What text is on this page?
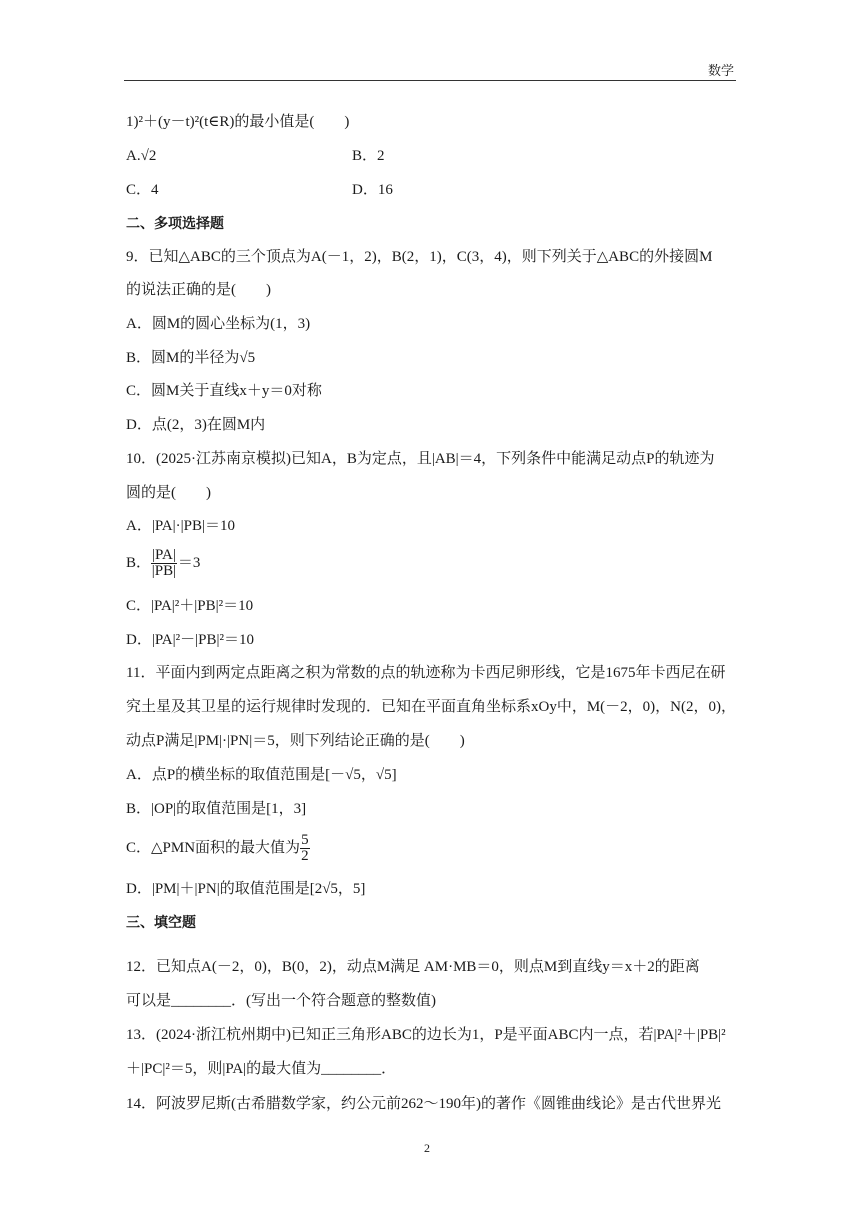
数学
1)²＋(y－t)²(t∈R)的最小值是(　　)
A.√2	B．2
C．4	D．16
二、多项选择题
9．已知△ABC的三个顶点为A(－1，2)，B(2，1)，C(3，4)，则下列关于△ABC的外接圆M
的说法正确的是(　　)
A．圆M的圆心坐标为(1，3)
B．圆M的半径为√5
C．圆M关于直线x＋y＝0对称
D．点(2，3)在圆M内
10．(2025·江苏南京模拟)已知A，B为定点，且|AB|＝4，下列条件中能满足动点P的轨迹为
圆的是(　　)
A．|PA|·|PB|＝10
B． $\frac{|PA|}{|PB|} =3$
C．|PA|²＋|PB|²＝10
D．|PA|²－|PB|²＝10
11．平面内到两定点距离之积为常数的点的轨迹称为卡西尼卵形线，它是1675年卡西尼在研
究土星及其卫星的运行规律时发现的．已知在平面直角坐标系xOy中，M(－2，0)，N(2，0)，
动点P满足|PM|·|PN|＝5，则下列结论正确的是(　　)
A．点P的横坐标的取值范围是[－√5，√5]
B．|OP|的取值范围是[1，3]
C．△PMN面积的最大值为 $\frac{5}{2}$
D．|PM|＋|PN|的取值范围是[2√5，5]
三、填空题
12．已知点A(－2，0)，B(0，2)，动点M满足 AM·MB＝0，则点M到直线y＝x＋2的距离
可以是________．(写出一个符合题意的整数值)
13．(2024·浙江杭州期中)已知正三角形ABC的边长为1，P是平面ABC内一点，若|PA|²＋|PB|²
＋|PC|²＝5，则|PA|的最大值为________．
14．阿波罗尼斯(古希腊数学家，约公元前262～190年)的著作《圆锥曲线论》是古代世界光
2
